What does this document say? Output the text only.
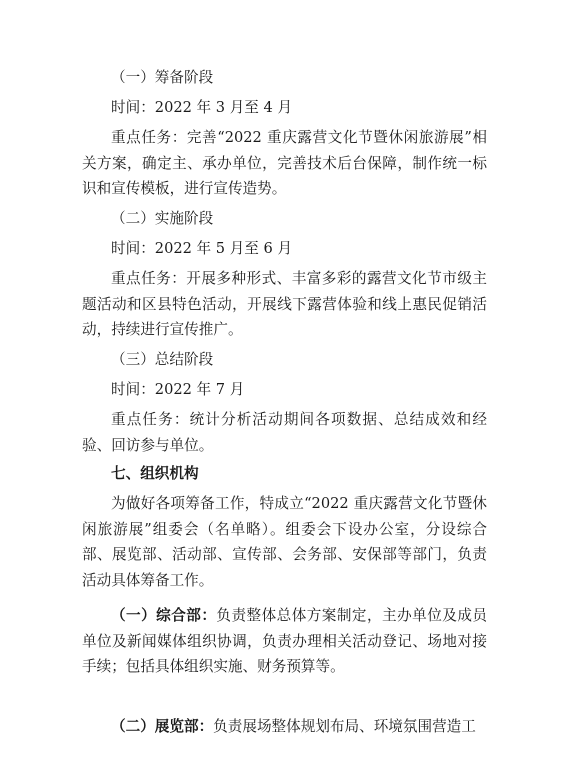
（一）筹备阶段

时间：2022 年 3 月至 4 月

重点任务：完善“2022 重庆露营文化节暨休闲旅游展”相关方案，确定主、承办单位，完善技术后台保障，制作统一标识和宣传模板，进行宣传造势。

（二）实施阶段

时间：2022 年 5 月至 6 月

重点任务：开展多种形式、丰富多彩的露营文化节市级主题活动和区县特色活动，开展线下露营体验和线上惠民促销活动，持续进行宣传推广。

（三）总结阶段

时间：2022 年 7 月

重点任务：统计分析活动期间各项数据、总结成效和经验、回访参与单位。

七、组织机构

为做好各项筹备工作，特成立“2022 重庆露营文化节暨休闲旅游展”组委会（名单略）。组委会下设办公室，分设综合部、展览部、活动部、宣传部、会务部、安保部等部门，负责活动具体筹备工作。

（一）综合部：负责整体总体方案制定，主办单位及成员单位及新闻媒体组织协调，负责办理相关活动登记、场地对接手续；包括具体组织实施、财务预算等。

（二）展览部：负责展场整体规划布局、环境氛围营造工
